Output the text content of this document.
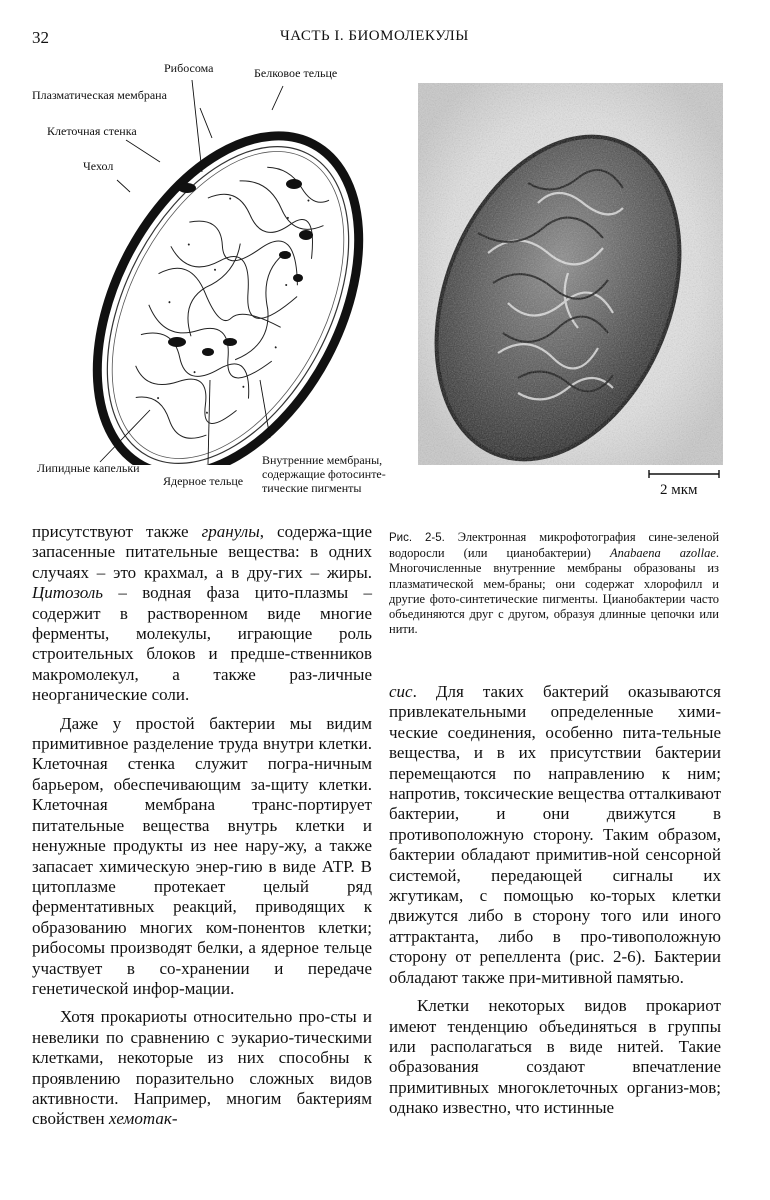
32	ЧАСТЬ I. БИОМОЛЕКУЛЫ
Рибосома	Белковое тельце
Плазматическая мембрана
Клеточная стенка
Чехол
Липидные капельки
Ядерное тельце
Внутренние мембраны, содержащие фотосинте-тические пигменты	2 мкм
Рис. 2-5. Электронная микрофотография сине-зеленой водоросли (или цианобактерии) Anabaena azollae. Многочисленные внутренние мембраны образованы из плазматической мем-браны; они содержат хлорофилл и другие фото-синтетические пигменты. Цианобактерии часто объединяются друг с другом, образуя длинные цепочки или нити.

присутствуют также гранулы, содержа-щие запасенные питательные вещества: в одних случаях – это крахмал, а в дру-гих – жиры. Цитозоль – водная фаза цито-плазмы – содержит в растворенном виде многие ферменты, молекулы, играющие роль строительных блоков и предше-ственников макромолекул, а также раз-личные неорганические соли.

Даже у простой бактерии мы видим примитивное разделение труда внутри клетки. Клеточная стенка служит погра-ничным барьером, обеспечивающим за-щиту клетки. Клеточная мембрана транс-портирует питательные вещества внутрь клетки и ненужные продукты из нее нару-жу, а также запасает химическую энер-гию в виде АТР. В цитоплазме протекает целый ряд ферментативных реакций, приводящих к образованию многих ком-понентов клетки; рибосомы производят белки, а ядерное тельце участвует в со-хранении и передаче генетической инфор-мации.

Хотя прокариоты относительно про-сты и невелики по сравнению с эукарио-тическими клетками, некоторые из них способны к проявлению поразительно сложных видов активности. Например, многим бактериям свойствен хемотак-

сис. Для таких бактерий оказываются привлекательными определенные хими-ческие соединения, особенно пита-тельные вещества, и в их присутствии бактерии перемещаются по направлению к ним; напротив, токсические вещества отталкивают бактерии, и они движутся в противоположную сторону. Таким образом, бактерии обладают примитив-ной сенсорной системой, передающей сигналы их жгутикам, с помощью ко-торых клетки движутся либо в сторону того или иного аттрактанта, либо в про-тивоположную сторону от репеллента (рис. 2-6). Бактерии обладают также при-митивной памятью.

Клетки некоторых видов прокариот имеют тенденцию объединяться в группы или располагаться в виде нитей. Такие образования создают впечатление примитивных многоклеточных организ-мов; однако известно, что истинные
